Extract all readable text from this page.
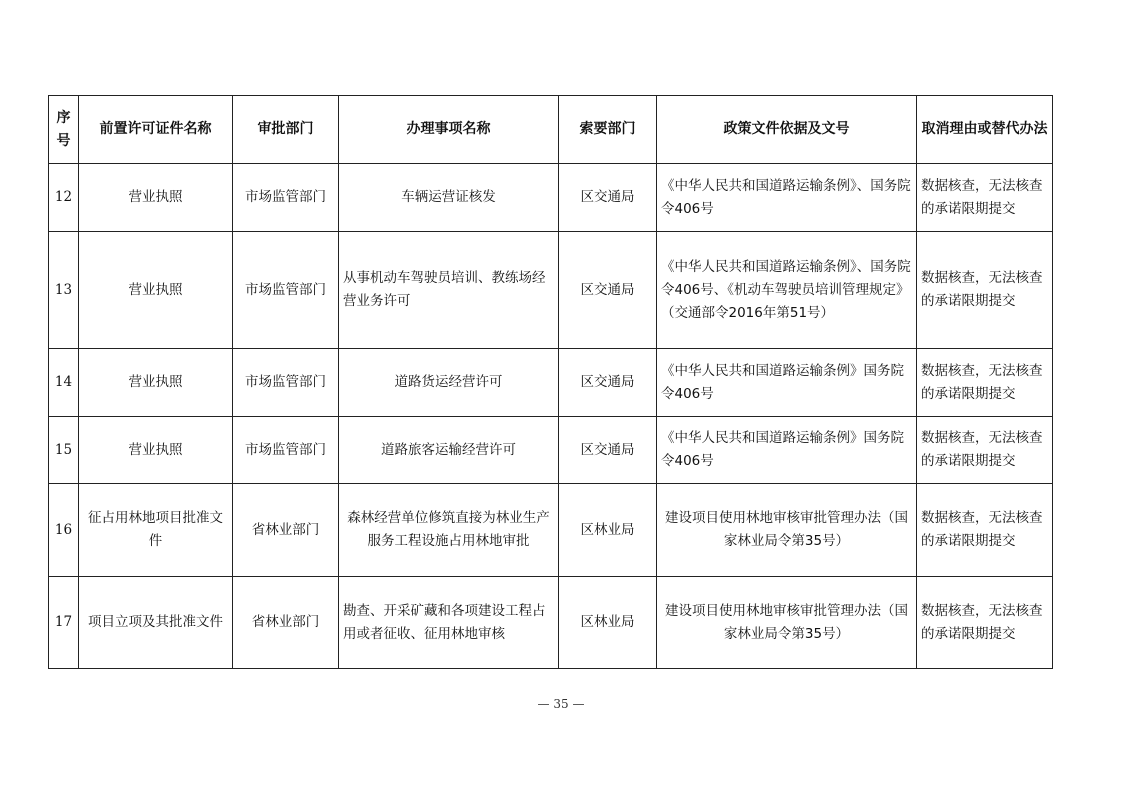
序号	前置许可证件名称	审批部门	办理事项名称	索要部门	政策文件依据及文号	取消理由或替代办法
12	营业执照	市场监管部门	车辆运营证核发	区交通局	《中华人民共和国道路运输条例》、国务院令406号	数据核查，无法核查的承诺限期提交
13	营业执照	市场监管部门	从事机动车驾驶员培训、教练场经营业务许可	区交通局	《中华人民共和国道路运输条例》、国务院令406号、《机动车驾驶员培训管理规定》（交通部令2016年第51号）	数据核查，无法核查的承诺限期提交
14	营业执照	市场监管部门	道路货运经营许可	区交通局	《中华人民共和国道路运输条例》国务院令406号	数据核查，无法核查的承诺限期提交
15	营业执照	市场监管部门	道路旅客运输经营许可	区交通局	《中华人民共和国道路运输条例》国务院令406号	数据核查，无法核查的承诺限期提交
16	征占用林地项目批准文件	省林业部门	森林经营单位修筑直接为林业生产服务工程设施占用林地审批	区林业局	建设项目使用林地审核审批管理办法（国家林业局令第35号）	数据核查，无法核查的承诺限期提交
17	项目立项及其批准文件	省林业部门	勘查、开采矿藏和各项建设工程占用或者征收、征用林地审核	区林业局	建设项目使用林地审核审批管理办法（国家林业局令第35号）	数据核查，无法核查的承诺限期提交
— 35 —
